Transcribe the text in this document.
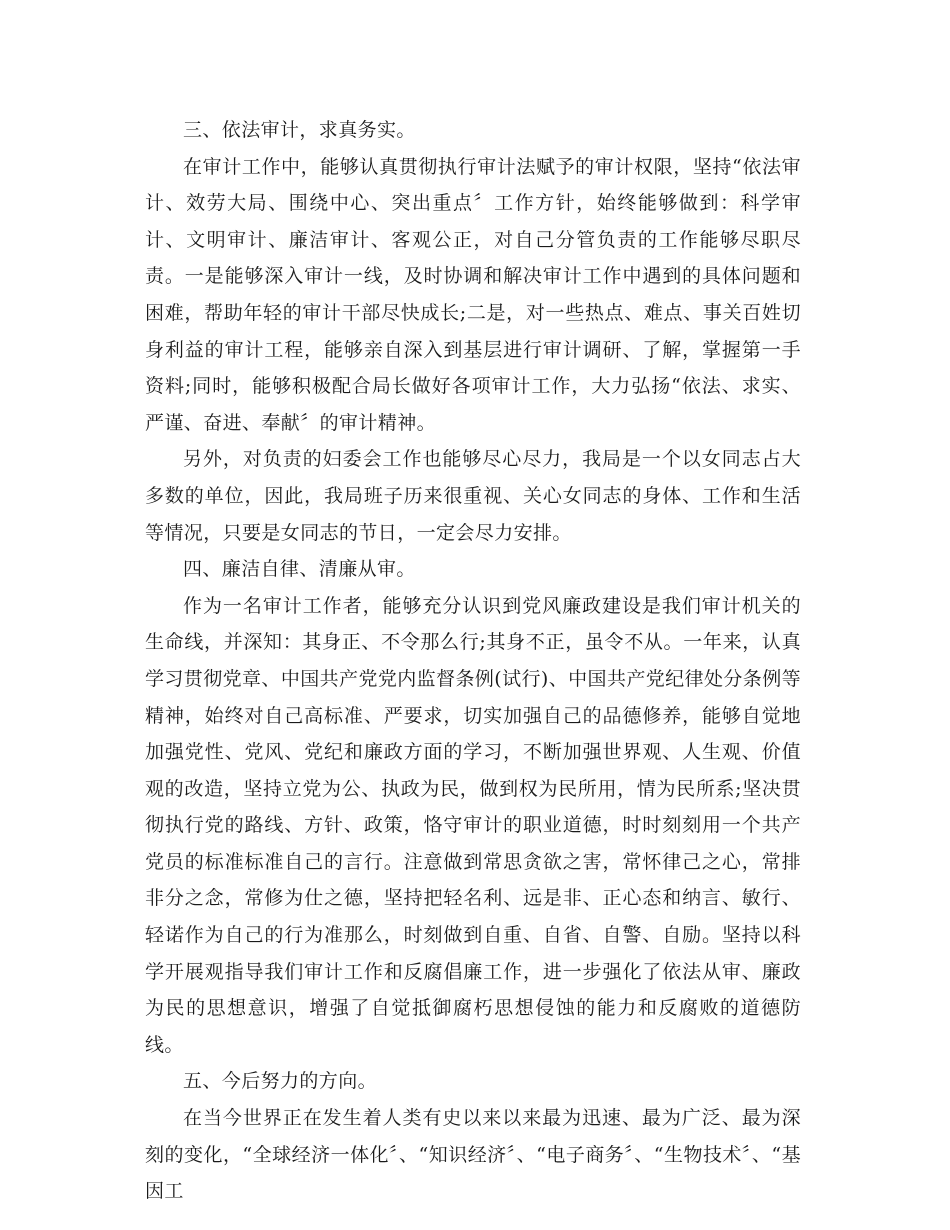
三、依法审计，求真务实。

在审计工作中，能够认真贯彻执行审计法赋予的审计权限，坚持“依法审计、效劳大局、围绕中心、突出重点〞工作方针，始终能够做到：科学审计、文明审计、廉洁审计、客观公正，对自己分管负责的工作能够尽职尽责。一是能够深入审计一线，及时协调和解决审计工作中遇到的具体问题和困难，帮助年轻的审计干部尽快成长;二是，对一些热点、难点、事关百姓切身利益的审计工程，能够亲自深入到基层进行审计调研、了解，掌握第一手资料;同时，能够积极配合局长做好各项审计工作，大力弘扬“依法、求实、严谨、奋进、奉献〞的审计精神。

另外，对负责的妇委会工作也能够尽心尽力，我局是一个以女同志占大多数的单位，因此，我局班子历来很重视、关心女同志的身体、工作和生活等情况，只要是女同志的节日，一定会尽力安排。

四、廉洁自律、清廉从审。

作为一名审计工作者，能够充分认识到党风廉政建设是我们审计机关的生命线，并深知：其身正、不令那么行;其身不正，虽令不从。一年来，认真学习贯彻党章、中国共产党党内监督条例(试行)、中国共产党纪律处分条例等精神，始终对自己高标准、严要求，切实加强自己的品德修养，能够自觉地加强党性、党风、党纪和廉政方面的学习，不断加强世界观、人生观、价值观的改造，坚持立党为公、执政为民，做到权为民所用，情为民所系;坚决贯彻执行党的路线、方针、政策，恪守审计的职业道德，时时刻刻用一个共产党员的标准标准自己的言行。注意做到常思贪欲之害，常怀律己之心，常排非分之念，常修为仕之德，坚持把轻名利、远是非、正心态和纳言、敏行、轻诺作为自己的行为准那么，时刻做到自重、自省、自警、自励。坚持以科学开展观指导我们审计工作和反腐倡廉工作，进一步强化了依法从审、廉政为民的思想意识，增强了自觉抵御腐朽思想侵蚀的能力和反腐败的道德防线。

五、今后努力的方向。

在当今世界正在发生着人类有史以来以来最为迅速、最为广泛、最为深刻的变化，“全球经济一体化〞、“知识经济〞、“电子商务〞、“生物技术〞、“基因工
